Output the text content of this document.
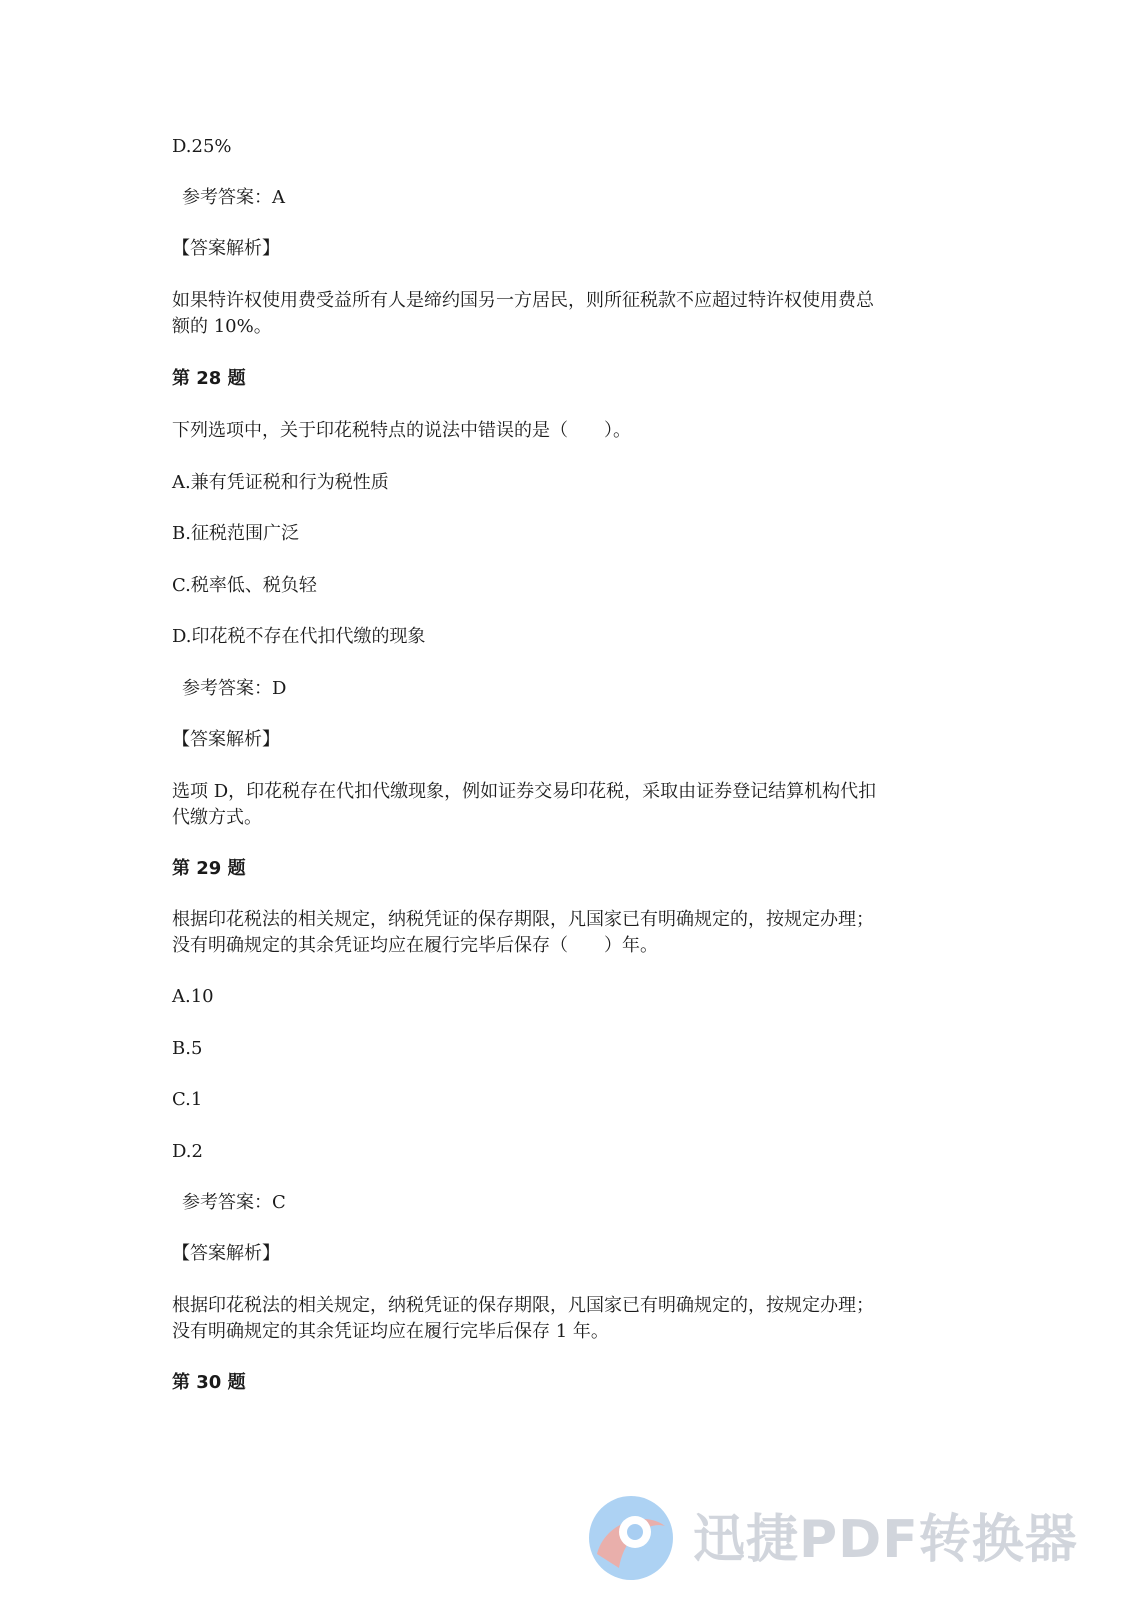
D.25%

参考答案：A

【答案解析】

如果特许权使用费受益所有人是缔约国另一方居民，则所征税款不应超过特许权使用费总

额的 10%。

第 28 题

下列选项中，关于印花税特点的说法中错误的是（　　）。

A.兼有凭证税和行为税性质

B.征税范围广泛

C.税率低、税负轻

D.印花税不存在代扣代缴的现象

参考答案：D

【答案解析】

选项 D，印花税存在代扣代缴现象，例如证券交易印花税，采取由证券登记结算机构代扣

代缴方式。

第 29 题

根据印花税法的相关规定，纳税凭证的保存期限，凡国家已有明确规定的，按规定办理；

没有明确规定的其余凭证均应在履行完毕后保存（　　）年。

A.10

B.5

C.1

D.2

参考答案：C

【答案解析】

根据印花税法的相关规定，纳税凭证的保存期限，凡国家已有明确规定的，按规定办理；

没有明确规定的其余凭证均应在履行完毕后保存 1 年。

第 30 题

迅捷PDF转换器
